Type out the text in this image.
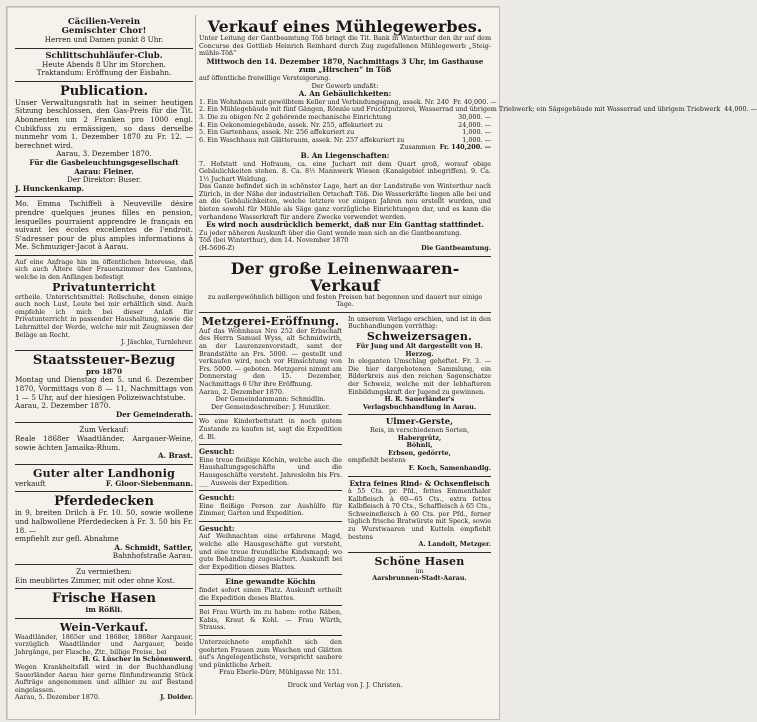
Cäcilien-Verein
Gemischter Chor!
Herren und Damen punkt 8 Uhr.
Schlittschuhläufer-Club.
Heute Abends 8 Uhr im Storchen.
Traktandum: Eröffnung der Eisbahn.
Publication.
Unser Verwaltungsrath hat in seiner heutigen Sitzung beschlossen, den Gas-Preis für die Tit. Abonnenten um 2 Franken pro 1000 engl. Cubikfuss zu ermässigen, so dass derselbe nunmehr vom 1. Dezember 1870 zu Fr. 12. — berechnet wird.
Aarau, 3. Dezember 1870.
Für die Gasbeleuchtungsgesellschaft Aarau: Fleiner.
Der Direktor: Buser.
J. Hunckenkamp.
Mo. Emma Tschiffeli à Neuveville désire prendre quelques jeunes filles en pension, lesquelles pourraient apprendre le français en suivant les écoles excellentes de l'endroit. S'adresser pour de plus amples informations à Me. Schmuziger-Jacot à Aarau.
Auf eine Anfrage hin im öffentlichen Interesse, daß sich auch Ältere über Frauenzimmer des Cantons, welche in den Anfängen befestigt
Privatunterricht
ertheile. Unterrichtsmittel: Rollschuhe, denen einige auch noch Lust, Leute bei mir erhältlich sind. Auch empfehle ich mich bei dieser Anlaß für Privatunterricht in passender Haushaltung, sowie die Lehrmittel der Werde, welche mir mit Zeugnissen der Beläge an Recht.
J. Jäschke, Turnlehrer.
Staatssteuer-Bezug
pro 1870
Montag und Dienstag den 5. und 6. Dezember 1870, Vormittags von 8 — 11, Nachmittags von 1 — 5 Uhr, auf der hiesigen Polizeiwachtstube.
Aarau, 2. Dezember 1870.
Der Gemeinderath.
Zum Verkauf:
Reale 1868er Waadtländer, Aargauer-Weine, sowie ächten Jamaika-Rhum.
A. Brast.
Guter alter Landhonig
verkauft	F. Gloor-Siebenmann.
Pferdedecken
in 9, breiten Drilch à Fr. 10. 50, sowie wollene und halbwollene Pferdedecken à Fr. 3. 50 bis Fr. 18. —
empfiehlt zur gefl. Abnahme
A. Schmidt, Sattler,
Bahnhofstraße Aarau.
Zu vermiethen:
Ein meublirtes Zimmer, mit oder ohne Kost.
Frische Hasen
im Rößli.
Wein-Verkauf.
Waadtländer, 1865er und 1868er, 1868er Aargauer, vorzüglich Waadtländer und Aargauer, beide Jahrgänge, per Flasche, Ztr., billige Preise, bei
H. G. Lüscher in Schönenwerd.
Wegen Krankheitsfall wird in der Buchhandlung Sauerländer Aarau hier gerne fünfundzwanzig Stück Aufträge angenommen und allhier zu auf Bestand eingelassen.
Aarau, 5. Dezember 1870.	J. Dolder.
Verkauf eines Mühlegewerbes.
Unter Leitung der Gantbeamtung Töß bringt die Tit. Bank in Winterthur den ihr auf dem Concurse des Gottlieb Heinrich Reinhard durch Zug zugefallenen Mühlegewerb „Steig-mühle-Töß“
Mittwoch den 14. Dezember 1870, Nachmittags 3 Uhr, im Gasthause zum „Hirschen“ in Töß
auf öffentliche freiwillige Versteigerung.
Der Gewerb umfaßt:
A. An Gebäulichkeiten:
1. Ein Wohnhaus mit gewölbtem Keller und Verbindungsgang, assek. Nr. 240 Fr. 40,000. —
2. Ein Mühlegebäude mit fünf Gängen, Rönnle und Fruchtputzerei, Wasserrad und übrigem Triebwerk; ein Sägegebäude mit Wasserrad und übrigem Triebwerk 44,000. —
3. Die zu obigen Nr. 2 gehörende mechanische Einrichtung	30,000. —
4. Ein Oekonomiegebäude, assek. Nr. 255, affekuriert zu	24,000. —
5. Ein Gartenhaus, assek. Nr. 256 affekuriert zu	1,000. —
6. Ein Waschhaus mit Glätteraum, assek. Nr. 257 affekuriert zu	1,000. —
Zusammen Fr. 140,200. —
B. An Liegenschaften:
7. Hofstatt und Hofraum, ca. eine Juchart mit dem Quart groß, worauf obige Gebäulichkeiten stehen. 8. Ca. 8½ Mannwerk Wiesen (Kanalgebiet inbegriffen). 9. Ca. 1½ Juchart Waldung.
Das Ganze befindet sich in schönster Lage, hart an der Landstraße von Winterthur nach Zürich, in der Nähe der industriellen Ortschaft Töß. Die Wasserkräfte liegen alle bei und an die Gebäulichkeiten, welche letztere vor einigen Jahren neu erstellt wurden, und bieten sowohl für Mühle als Säge ganz vorzügliche Einrichtungen dar, und es kann die vorhandene Wasserkraft für andere Zwecke verwendet werden.
Es wird noch ausdrücklich bemerkt, daß nur Ein Ganttag stattfindet.
Zu jeder näheren Auskunft über die Gant wende man sich an die Gantbeamtung.
Töß (bei Winterthur), den 14. November 1870
(H-5606-Z)	Die Gantbeamtung.
Der große Leinenwaaren-Verkauf
zu außergewöhnlich billigen und festen Preisen hat begonnen und dauert nur einige Tage.
Metzgerei-Eröffnung.
Auf das Wohnhaus Nro 252 der Erbschaft des Herrn Samuel Wyss, alt Schmidwirth, an der Laurenzenvorstadt, samt der Brandstätte an Frs. 5000. — gestellt und verkaufen wird, noch vor Hinsichtung von Frs. 5000. — geboten. Metzgerei nimmt am Donnerstag den 15. Dezember, Nachmittags 6 Uhr ihre Eröffnung.
Aarau, 2. Dezember 1870.
Der Gemeindammann: Schmidlin.
Der Gemeindeschreiber: J. Hunziker.
Wo eine Kinderbettstatt in noch gutem Zustande zu kaufen ist, sagt die Expedition d. Bl.
Gesucht:
Eine treue fleißige Köchin, welche auch die Haushaltungsgeschäfte und die Hausgeschäfte versteht. Jahreslohn bis Frs. ___ Ausweis der Expedition.
Gesucht:
Eine fleißige Person zur Aushülfe für Zimmer, Garten und Expedition.
Gesucht:
Auf Weihnachten eine erfahrene Magd, welche alle Hausgeschäfte gut versteht, und eine treue freundliche Kindsmagd; wo gute Behandlung zugesichert. Auskunft bei der Expedition dieses Blattes.
Eine gewandte Köchin
findet sofort einen Platz. Auskunft ertheilt die Expedition dieses Blattes.
Bei Frau Würth im zu haben: rothe Räben, Kabis, Kraut & Kohl. — Frau Würth, Strauss.
Unterzeichnete empfiehlt sich den geehrten Frauen zum Waschen und Glätten auf's Angelegentlichste, verspricht saubere und pünktliche Arbeit.
Frau Eberle-Dürr, Mühlgasse Nr. 151.
In unserem Verlage erschien, und ist in den Buchhandlungen vorräthig:
Schweizersagen.
Für Jung und Alt dargestellt von H. Herzog.
In eleganten Umschlag geheftet. Fr. 3. — Die hier dargebotenen Sammlung, ein Bilderkreis aus den reichen Sagenschatze der Schweiz, welche mit der lebhafteren Einbildungskraft der Jugend zu gewinnen.
H. R. Sauerländer's Verlagsbuchhandlung in Aarau.
Ulmer-Gerste,
Reis, in verschiedenen Sorten,
Habergrütz,
Böhnli,
Erbsen, gedörrte,
empfiehlt bestens
F. Koch, Samenhandlg.
Extra feines Rind- & Ochsenfleisch
à 55 Cts. pr. Pfd., fettes Emmenthaler Kalbfleisch à 60—65 Cts., extra fettes Kalbfleisch à 70 Cts., Schaffleisch à 65 Cts., Schweinefleisch à 60 Cts. per Pfd., ferner täglich frische Bratwürste mit Speck, sowie zu Wurstwaaren und Kutteln empfiehlt bestens
A. Landolt, Metzger.
Schöne Hasen
im
Aarsbrunnen-Stadt-Aarau.
Druck und Verlag von J. J. Christen.
